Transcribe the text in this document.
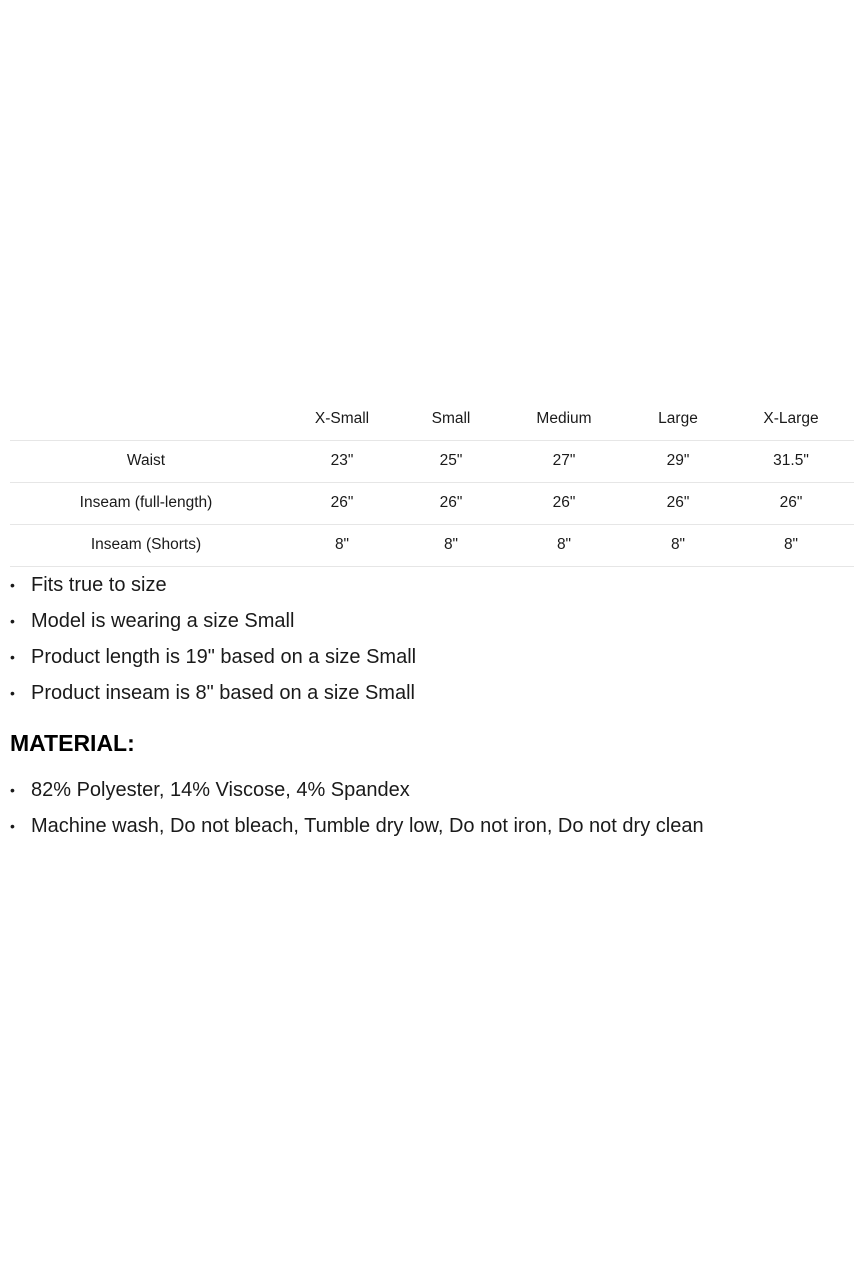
	X-Small	Small	Medium	Large	X-Large
Waist	23"	25"	27"	29"	31.5"
Inseam (full-length)	26"	26"	26"	26"	26"
Inseam (Shorts)	8"	8"	8"	8"	8"
• Fits true to size
• Model is wearing a size Small
• Product length is 19" based on a size Small
• Product inseam is 8" based on a size Small
MATERIAL:
• 82% Polyester, 14% Viscose, 4% Spandex
• Machine wash, Do not bleach, Tumble dry low, Do not iron, Do not dry clean
